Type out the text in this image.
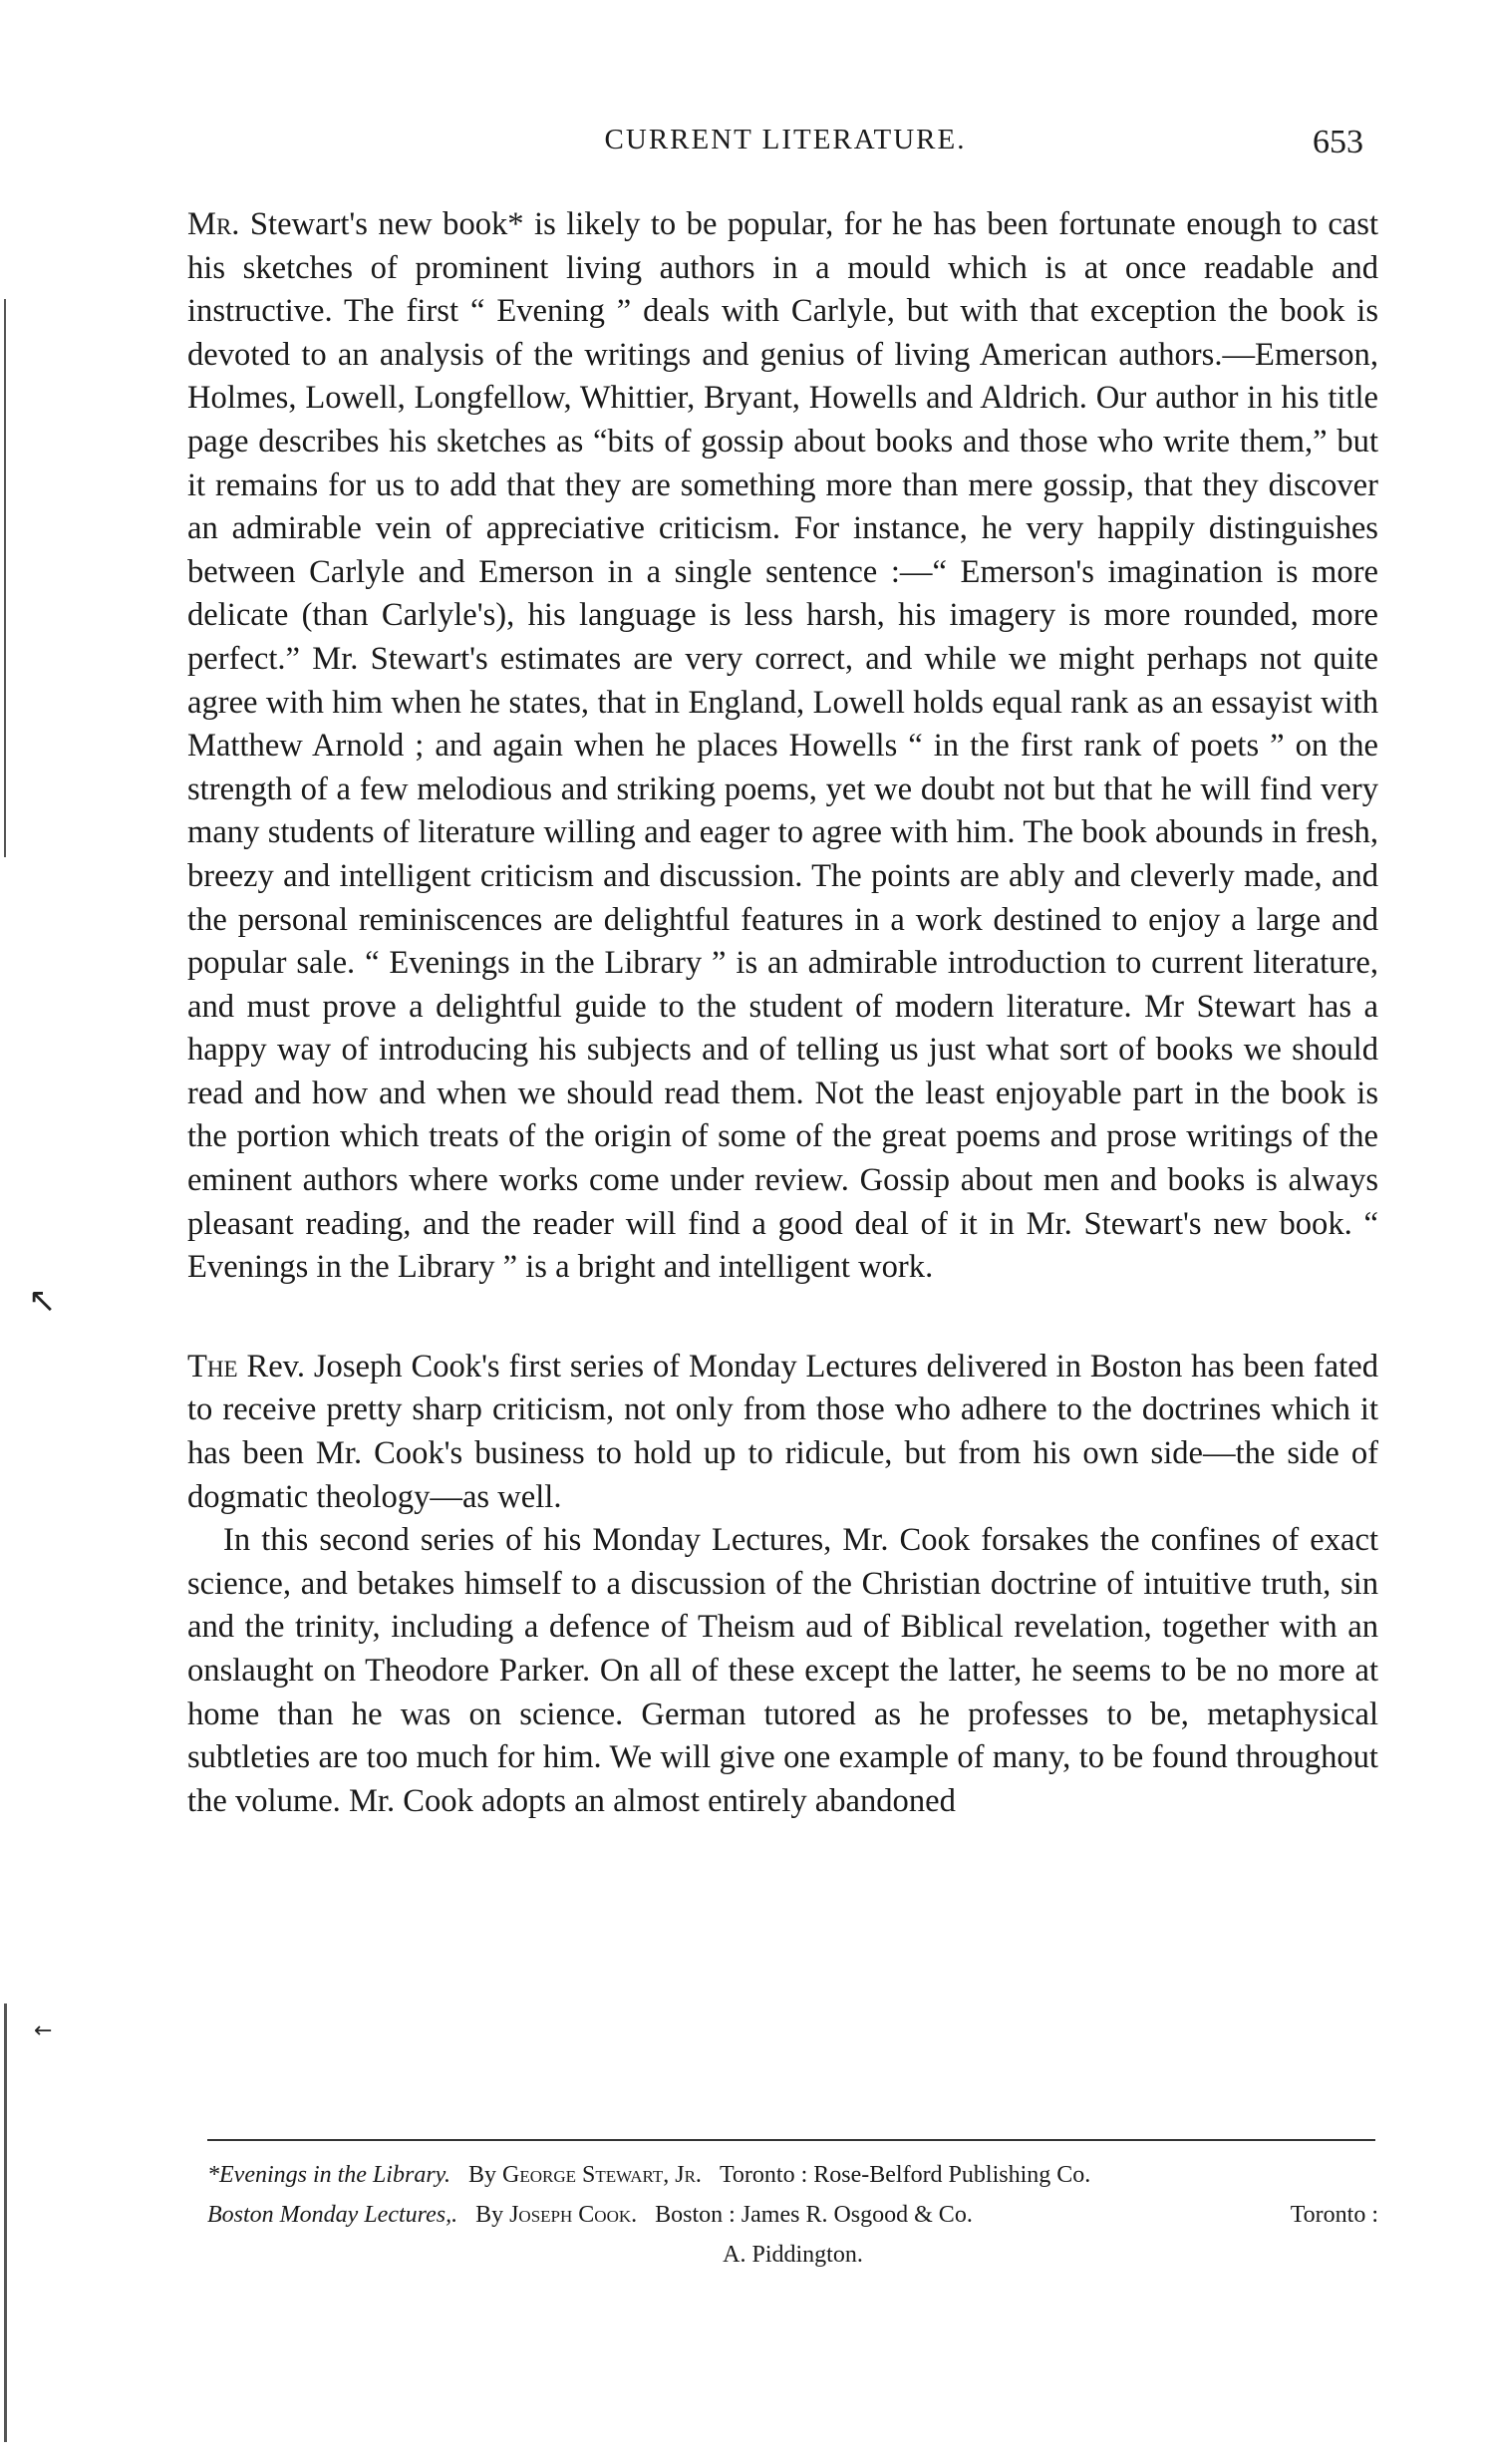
↖
←
CURRENT LITERATURE.	653

Mr. Stewart's new book* is likely to be popular, for he has been fortunate enough to cast his sketches of prominent living authors in a mould which is at once readable and instructive. The first “ Evening ” deals with Carlyle, but with that exception the book is devoted to an analysis of the writings and genius of living American authors.—Emerson, Holmes, Lowell, Longfellow, Whittier, Bryant, Howells and Aldrich. Our author in his title page describes his sketches as “bits of gossip about books and those who write them,” but it remains for us to add that they are something more than mere gossip, that they discover an admirable vein of appreciative criticism. For instance, he very happily distinguishes between Carlyle and Emerson in a single sentence :—“ Emerson's imagination is more delicate (than Carlyle's), his language is less harsh, his imagery is more rounded, more perfect.” Mr. Stewart's estimates are very correct, and while we might perhaps not quite agree with him when he states, that in England, Lowell holds equal rank as an essayist with Matthew Arnold ; and again when he places Howells “ in the first rank of poets ” on the strength of a few melodious and striking poems, yet we doubt not but that he will find very many students of literature willing and eager to agree with him. The book abounds in fresh, breezy and intelligent criticism and discussion. The points are ably and cleverly made, and the personal reminiscences are delightful features in a work destined to enjoy a large and popular sale. “ Evenings in the Library ” is an admirable introduction to current literature, and must prove a delightful guide to the student of modern literature. Mr Stewart has a happy way of introducing his subjects and of telling us just what sort of books we should read and how and when we should read them. Not the least enjoyable part in the book is the portion which treats of the origin of some of the great poems and prose writings of the eminent authors where works come under review. Gossip about men and books is always pleasant reading, and the reader will find a good deal of it in Mr. Stewart's new book. “ Evenings in the Library ” is a bright and intelligent work.

The Rev. Joseph Cook's first series of Monday Lectures delivered in Boston has been fated to receive pretty sharp criticism, not only from those who adhere to the doctrines which it has been Mr. Cook's business to hold up to ridicule, but from his own side—the side of dogmatic theology—as well.

In this second series of his Monday Lectures, Mr. Cook forsakes the confines of exact science, and betakes himself to a discussion of the Christian doctrine of intuitive truth, sin and the trinity, including a defence of Theism aud of Biblical revelation, together with an onslaught on Theodore Parker. On all of these except the latter, he seems to be no more at home than he was on science. German tutored as he professes to be, metaphysical subtleties are too much for him. We will give one example of many, to be found throughout the volume. Mr. Cook adopts an almost entirely abandoned

*Evenings in the Library. By George Stewart, Jr. Toronto : Rose-Belford Publishing Co.

Boston Monday Lectures,. By Joseph Cook. Boston : James R. Osgood & Co.	Toronto :

A. Piddington.
